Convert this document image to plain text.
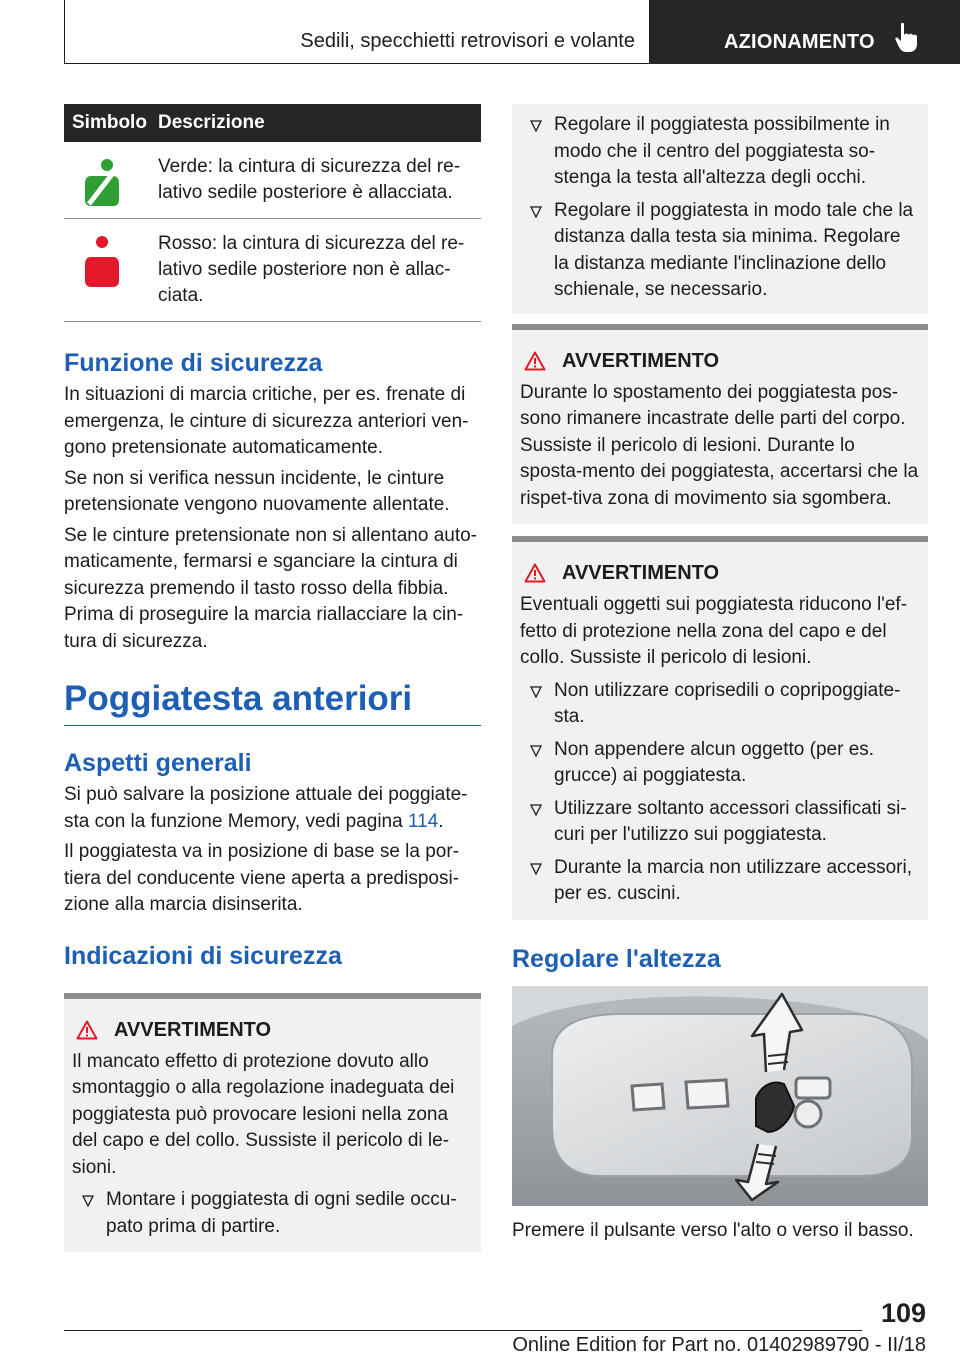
Sedili, specchietti retrovisori e volante	AZIONAMENTO
Simbolo	Descrizione

	Verde: la cintura di sicurezza del re-lativo sedile posteriore è allacciata.

	Rosso: la cintura di sicurezza del re-lativo sedile posteriore non è allac-ciata.
Funzione di sicurezza

In situazioni di marcia critiche, per es. frenate di emergenza, le cinture di sicurezza anteriori ven-gono pretensionate automaticamente.

Se non si verifica nessun incidente, le cinture pretensionate vengono nuovamente allentate.

Se le cinture pretensionate non si allentano auto-maticamente, fermarsi e sganciare la cintura di sicurezza premendo il tasto rosso della fibbia. Prima di proseguire la marcia riallacciare la cin-tura di sicurezza.

Poggiatesta anteriori
Aspetti generali

Si può salvare la posizione attuale dei poggiate-sta con la funzione Memory, vedi pagina 114.

Il poggiatesta va in posizione di base se la por-tiera del conducente viene aperta a predisposi-zione alla marcia disinserita.

Indicazioni di sicurezza
AVVERTIMENTO

Il mancato effetto di protezione dovuto allo smontaggio o alla regolazione inadeguata dei poggiatesta può provocare lesioni nella zona del capo e del collo. Sussiste il pericolo di le-sioni.

Montare i poggiatesta di ogni sedile occu-pato prima di partire.
Regolare il poggiatesta possibilmente in modo che il centro del poggiatesta so-stenga la testa all'altezza degli occhi.
Regolare il poggiatesta in modo tale che la distanza dalla testa sia minima. Regolare la distanza mediante l'inclinazione dello schienale, se necessario.
AVVERTIMENTO

Durante lo spostamento dei poggiatesta pos-sono rimanere incastrate delle parti del corpo. Sussiste il pericolo di lesioni. Durante lo sposta-mento dei poggiatesta, accertarsi che la rispet-tiva zona di movimento sia sgombera.

AVVERTIMENTO

Eventuali oggetti sui poggiatesta riducono l'ef-fetto di protezione nella zona del capo e del collo. Sussiste il pericolo di lesioni.

Non utilizzare coprisedili o copripoggiate-sta.
Non appendere alcun oggetto (per es. grucce) ai poggiatesta.
Utilizzare soltanto accessori classificati si-curi per l'utilizzo sui poggiatesta.
Durante la marcia non utilizzare accessori, per es. cuscini.
Regolare l'altezza

Premere il pulsante verso l'alto o verso il basso.

109
Online Edition for Part no. 01402989790 - II/18
